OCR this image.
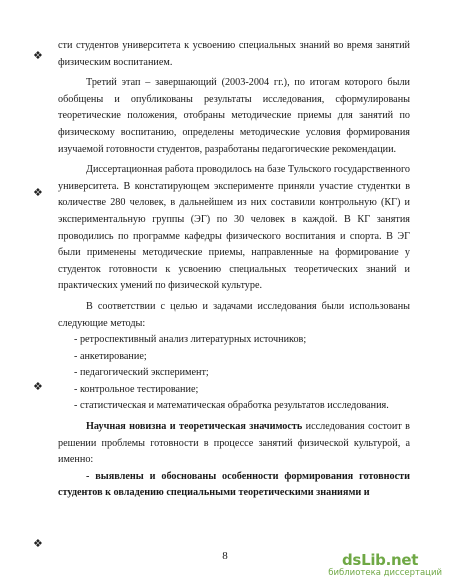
❖
❖
❖
❖

сти студентов университета к усвоению специальных знаний во время занятий физическим воспитанием.

Третий этап – завершающий (2003-2004 гг.), по итогам которого были обобщены и опубликованы результаты исследования, сформулированы теоретические положения, отобраны методические приемы для занятий по физическому воспитанию, определены методические условия формирования изучаемой готовности студентов, разработаны педагогические рекомендации.

Диссертационная работа проводилось на базе Тульского государственного университета. В констатирующем эксперименте приняли участие студентки в количестве 280 человек, в дальнейшем из них составили контрольную (КГ) и экспериментальную группы (ЭГ) по 30 человек в каждой. В КГ занятия проводились по программе кафедры физического воспитания и спорта. В ЭГ были применены методические приемы, направленные на формирование у студенток готовности к усвоению специальных теоретических знаний и практических умений по физической культуре.

В соответствии с целью и задачами исследования были использованы следующие методы:

- ретроспективный анализ литературных источников;

- анкетирование;

- педагогический эксперимент;

- контрольное тестирование;

- статистическая и математическая обработка результатов исследования.

Научная новизна и теоретическая значимость исследования состоит в решении проблемы готовности в процессе занятий физической культурой, а именно:

- выявлены и обоснованы особенности формирования готовности студентов к овладению специальными теоретическими знаниями и

8	dsLib.net
библиотека диссертаций
